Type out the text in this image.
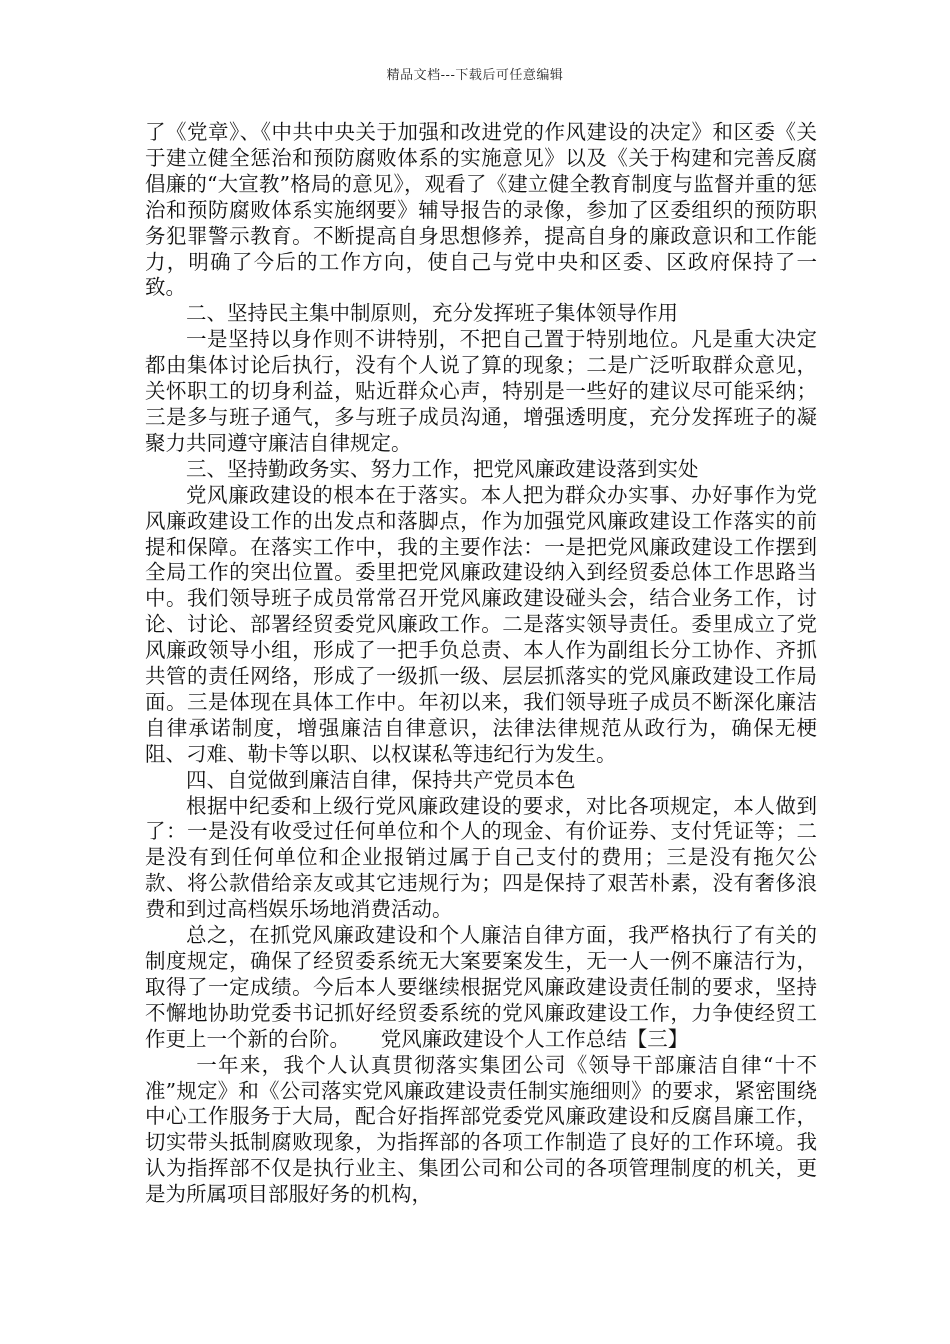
精品文档---下载后可任意编辑

了《党章》、《中共中央关于加强和改进党的作风建设的决定》和区委《关于建立健全惩治和预防腐败体系的实施意见》以及《关于构建和完善反腐倡廉的“大宣教”格局的意见》，观看了《建立健全教育制度与监督并重的惩治和预防腐败体系实施纲要》辅导报告的录像，参加了区委组织的预防职务犯罪警示教育。不断提高自身思想修养，提高自身的廉政意识和工作能力，明确了今后的工作方向，使自己与党中央和区委、区政府保持了一致。

二、坚持民主集中制原则，充分发挥班子集体领导作用

一是坚持以身作则不讲特别，不把自己置于特别地位。凡是重大决定都由集体讨论后执行，没有个人说了算的现象；二是广泛听取群众意见，关怀职工的切身利益，贴近群众心声，特别是一些好的建议尽可能采纳；三是多与班子通气，多与班子成员沟通，增强透明度，充分发挥班子的凝聚力共同遵守廉洁自律规定。

三、坚持勤政务实、努力工作，把党风廉政建设落到实处

党风廉政建设的根本在于落实。本人把为群众办实事、办好事作为党风廉政建设工作的出发点和落脚点，作为加强党风廉政建设工作落实的前提和保障。在落实工作中，我的主要作法：一是把党风廉政建设工作摆到全局工作的突出位置。委里把党风廉政建设纳入到经贸委总体工作思路当中。我们领导班子成员常常召开党风廉政建设碰头会，结合业务工作，讨论、讨论、部署经贸委党风廉政工作。二是落实领导责任。委里成立了党风廉政领导小组，形成了一把手负总责、本人作为副组长分工协作、齐抓共管的责任网络，形成了一级抓一级、层层抓落实的党风廉政建设工作局面。三是体现在具体工作中。年初以来，我们领导班子成员不断深化廉洁自律承诺制度，增强廉洁自律意识，法律法律规范从政行为，确保无梗阻、刁难、勒卡等以职、以权谋私等违纪行为发生。

四、自觉做到廉洁自律，保持共产党员本色

根据中纪委和上级行党风廉政建设的要求，对比各项规定，本人做到了：一是没有收受过任何单位和个人的现金、有价证券、支付凭证等；二是没有到任何单位和企业报销过属于自己支付的费用；三是没有拖欠公款、将公款借给亲友或其它违规行为；四是保持了艰苦朴素，没有奢侈浪费和到过高档娱乐场地消费活动。

总之，在抓党风廉政建设和个人廉洁自律方面，我严格执行了有关的制度规定，确保了经贸委系统无大案要案发生，无一人一例不廉洁行为，取得了一定成绩。今后本人要继续根据党风廉政建设责任制的要求，坚持不懈地协助党委书记抓好经贸委系统的党风廉政建设工作，力争使经贸工作更上一个新的台阶。　　党风廉政建设个人工作总结【三】

一年来，我个人认真贯彻落实集团公司《领导干部廉洁自律“十不准”规定》和《公司落实党风廉政建设责任制实施细则》的要求，紧密围绕中心工作服务于大局，配合好指挥部党委党风廉政建设和反腐昌廉工作，切实带头抵制腐败现象，为指挥部的各项工作制造了良好的工作环境。我认为指挥部不仅是执行业主、集团公司和公司的各项管理制度的机关，更是为所属项目部服好务的机构，
